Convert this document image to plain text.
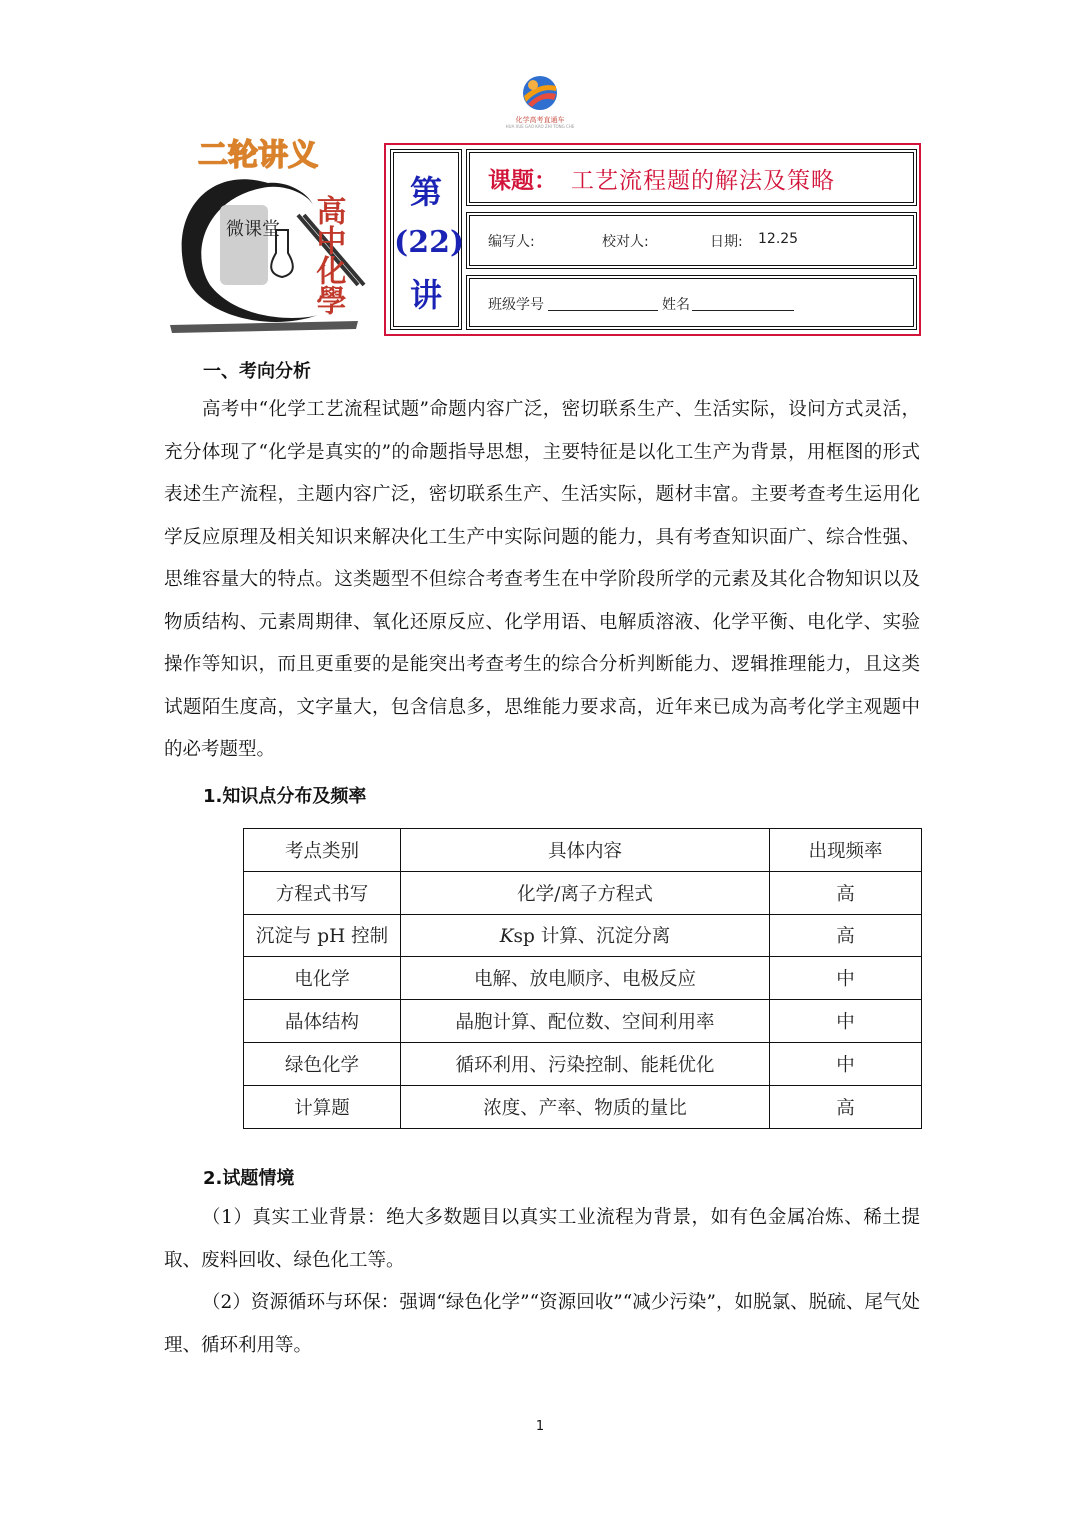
化学高考直通车
HUA XUE GAO KAO ZHI TONG CHE
二轮讲义
微课堂 高中化學
第
(22)
讲
课题： 工艺流程题的解法及策略
编写人:	校对人:	日期: 12.25
班级学号	姓名
一、考向分析
高考中“化学工艺流程试题”命题内容广泛，密切联系生产、生活实际，设问方式灵活，充分体现了“化学是真实的”的命题指导思想，主要特征是以化工生产为背景，用框图的形式表述生产流程，主题内容广泛，密切联系生产、生活实际，题材丰富。主要考查考生运用化学反应原理及相关知识来解决化工生产中实际问题的能力，具有考查知识面广、综合性强、思维容量大的特点。这类题型不但综合考查考生在中学阶段所学的元素及其化合物知识以及物质结构、元素周期律、氧化还原反应、化学用语、电解质溶液、化学平衡、电化学、实验操作等知识，而且更重要的是能突出考查考生的综合分析判断能力、逻辑推理能力，且这类试题陌生度高，文字量大，包含信息多，思维能力要求高，近年来已成为高考化学主观题中的必考题型。
1.知识点分布及频率
考点类别	具体内容	出现频率
方程式书写	化学/离子方程式	高
沉淀与 pH 控制	Ksp 计算、沉淀分离	高
电化学	电解、放电顺序、电极反应	中
晶体结构	晶胞计算、配位数、空间利用率	中
绿色化学	循环利用、污染控制、能耗优化	中
计算题	浓度、产率、物质的量比	高
2.试题情境
（1）真实工业背景：绝大多数题目以真实工业流程为背景，如有色金属冶炼、稀土提取、废料回收、绿色化工等。
（2）资源循环与环保：强调“绿色化学”“资源回收”“减少污染”，如脱氯、脱硫、尾气处理、循环利用等。
1
